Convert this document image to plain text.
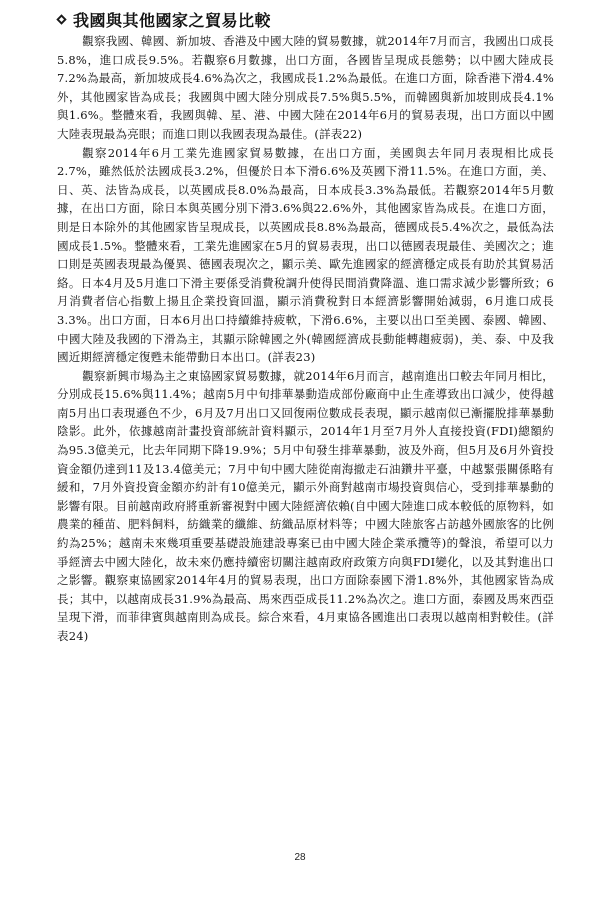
我國與其他國家之貿易比較

觀察我國、韓國、新加坡、香港及中國大陸的貿易數據，就2014年7月而言，我國出口成長5.8%，進口成長9.5%。若觀察6月數據，出口方面，各國皆呈現成長態勢；以中國大陸成長7.2%為最高，新加坡成長4.6%為次之，我國成長1.2%為最低。在進口方面，除香港下滑4.4%外，其他國家皆為成長；我國與中國大陸分別成長7.5%與5.5%，而韓國與新加坡則成長4.1%與1.6%。整體來看，我國與韓、星、港、中國大陸在2014年6月的貿易表現，出口方面以中國大陸表現最為亮眼；而進口則以我國表現為最佳。(詳表22)

觀察2014年6月工業先進國家貿易數據，在出口方面，美國與去年同月表現相比成長2.7%，雖然低於法國成長3.2%，但優於日本下滑6.6%及英國下滑11.5%。在進口方面，美、日、英、法皆為成長，以英國成長8.0%為最高，日本成長3.3%為最低。若觀察2014年5月數據，在出口方面，除日本與英國分別下滑3.6%與22.6%外，其他國家皆為成長。在進口方面，則是日本除外的其他國家皆呈現成長，以英國成長8.8%為最高，德國成長5.4%次之，最低為法國成長1.5%。整體來看，工業先進國家在5月的貿易表現，出口以德國表現最佳、美國次之；進口則是英國表現最為優異、德國表現次之，顯示美、歐先進國家的經濟穩定成長有助於其貿易活絡。日本4月及5月進口下滑主要係受消費稅調升使得民間消費降溫、進口需求減少影響所致；6月消費者信心指數上揚且企業投資回溫，顯示消費稅對日本經濟影響開始減弱，6月進口成長3.3%。出口方面，日本6月出口持續維持疲軟，下滑6.6%，主要以出口至美國、泰國、韓國、中國大陸及我國的下滑為主，其顯示除韓國之外(韓國經濟成長動能轉趨疲弱)，美、泰、中及我國近期經濟穩定復甦未能帶動日本出口。(詳表23)

觀察新興市場為主之東協國家貿易數據，就2014年6月而言，越南進出口較去年同月相比，分別成長15.6%與11.4%；越南5月中旬排華暴動造成部份廠商中止生產導致出口減少，使得越南5月出口表現遜色不少，6月及7月出口又回復兩位數成長表現，顯示越南似已漸擺脫排華暴動陰影。此外，依據越南計畫投資部統計資料顯示，2014年1月至7月外人直接投資(FDI)總額約為95.3億美元，比去年同期下降19.9%；5月中旬發生排華暴動，波及外商，但5月及6月外資投資金額仍達到11及13.4億美元；7月中旬中國大陸從南海撤走石油鑽井平臺，中越緊張關係略有緩和，7月外資投資金額亦約計有10億美元，顯示外商對越南市場投資與信心，受到排華暴動的影響有限。目前越南政府將重新審視對中國大陸經濟依賴(自中國大陸進口成本較低的原物料，如農業的種苗、肥料飼料，紡織業的纖維、紡織品原材料等；中國大陸旅客占訪越外國旅客的比例約為25%；越南未來幾項重要基礎設施建設專案已由中國大陸企業承攬等)的聲浪，希望可以力爭經濟去中國大陸化，故未來仍應持續密切關注越南政府政策方向與FDI變化，以及其對進出口之影響。觀察東協國家2014年4月的貿易表現，出口方面除泰國下滑1.8%外，其他國家皆為成長；其中，以越南成長31.9%為最高、馬來西亞成長11.2%為次之。進口方面，泰國及馬來西亞呈現下滑，而菲律賓與越南則為成長。綜合來看，4月東協各國進出口表現以越南相對較佳。(詳表24)

28
